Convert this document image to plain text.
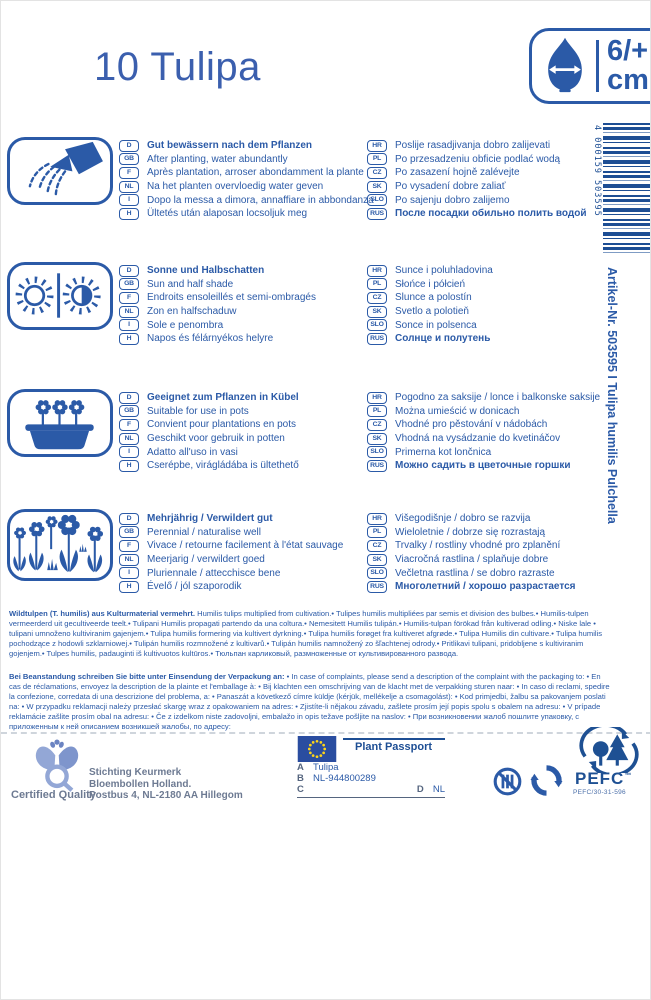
10 Tulipa	6/+
cm
D	Gut bewässern nach dem Pflanzen
GB	After planting, water abundantly
F	Après plantation, arroser abondamment la plante
NL	Na het planten overvloedig water geven
I	Dopo la messa a dimora, annaffiare in abbondanza
H	Ültetés után alaposan locsoljuk meg
HR	Poslije rasadjivanja dobro zalijevati
PL	Po przesadzeniu obficie podlać wodą
CZ	Po zasazení hojně zalévejte
SK	Po vysadení dobre zaliať
SLO	Po sajenju dobro zalijemo
RUS	После посадки обильно полить водой
D	Sonne und Halbschatten
GB	Sun and half shade
F	Endroits ensoleillés et semi-ombragés
NL	Zon en halfschaduw
I	Sole e penombra
H	Napos és félárnyékos helyre
HR	Sunce i poluhladovina
PL	Słońce i półcień
CZ	Slunce a polostín
SK	Svetlo a polotieň
SLO	Sonce in polsenca
RUS	Солнце и полутень
D	Geeignet zum Pflanzen in Kübel
GB	Suitable for use in pots
F	Convient pour plantations en pots
NL	Geschikt voor gebruik in potten
I	Adatto all'uso in vasi
H	Cserépbe, virágládába is ültethető
HR	Pogodno za saksije / lonce i balkonske saksije
PL	Można umieścić w donicach
CZ	Vhodné pro pěstování v nádobách
SK	Vhodná na vysádzanie do kvetináčov
SLO	Primerna kot lončnica
RUS	Можно садить в цветочные горшки
D	Mehrjährig / Verwildert gut
GB	Perennial / naturalise well
F	Vivace / retourne facilement à l'état sauvage
NL	Meerjarig / verwildert goed
I	Pluriennale / attecchisce bene
H	Évelő / jól szaporodik
HR	Višegodišnje / dobro se razvija
PL	Wieloletnie / dobrze się rozrastają
CZ	Trvalky / rostliny vhodné pro zplanění
SK	Viacročná rastlina / splaňuje dobre
SLO	Večletna rastlina / se dobro razraste
RUS	Многолетний / хорошо разрастается
4 000159 503595
Artikel-Nr. 503595 I Tulipa humilis Pulchella

Wildtulpen (T. humilis) aus Kulturmaterial vermehrt. Humilis tulips multiplied from cultivation.• Tulipes humilis multipliées par semis et division des bulbes.• Humilis-tulpen vermeerderd uit gecultiveerde teelt.• Tulipani Humilis propagati partendo da una coltura.• Nemesitett Humilis tulipán.• Humilis-tulpan förökad från kultiverad odling.• Niske lale • tulipani umnoženo kultiviranim gajenjem.• Tulipa humilis formering via kultivert dyrkning.• Tulipa humilis forøget fra kultiveret afgrøde.• Tulipa Humilis din cultivare.• Tulipa humilis pochodzące z hodowli szklarniowej.• Tulipán humilis rozmnožené z kultivarů.• Tulipán humilis namnožený zo šľachtenej odrody.• Pritlikavi tulipani, pridobljene s kultiviranim gojenjem.• Tulpes humilis, padauginti iš kultivuotos kultūros.• Тюльпан карликовый, размноженные от культивированного развода.

Bei Beanstandung schreiben Sie bitte unter Einsendung der Verpackung an: • In case of complaints, please send a description of the complaint with the packaging to: • En cas de réclamations, envoyez la description de la plainte et l'emballage à: • Bij klachten een omschrijving van de klacht met de verpakking sturen naar: • In caso di reclami, spedire la confezione, corredata di una descrizione del problema, a: • Panaszát a következő címre küldje (kérjük, mellékelje a csomagolást): • Kod primjedbi, žalbu sa pakovanjem poslati na: • W przypadku reklamacji należy przesłać skargę wraz z opakowaniem na adres: • Zjistíte-li nějakou závadu, zašlete prosím její popis spolu s obalem na adresu: • V prípade reklamácie zašlite prosím obal na adresu: • Če z izdelkom niste zadovoljni, embalažo in opis težave pošljite na naslov: • При возникновении жалоб пошлите упаковку, с приложенным к ней описанием возникшей жалобы, по адресу:

Certified Quality
Stichting Keurmerk
Bloembollen Holland.
Postbus 4, NL-2180 AA Hillegom
Plant Passport
A Tulipa
B NL-944800289
C	D NL
PEFC™
PEFC/30-31-596
